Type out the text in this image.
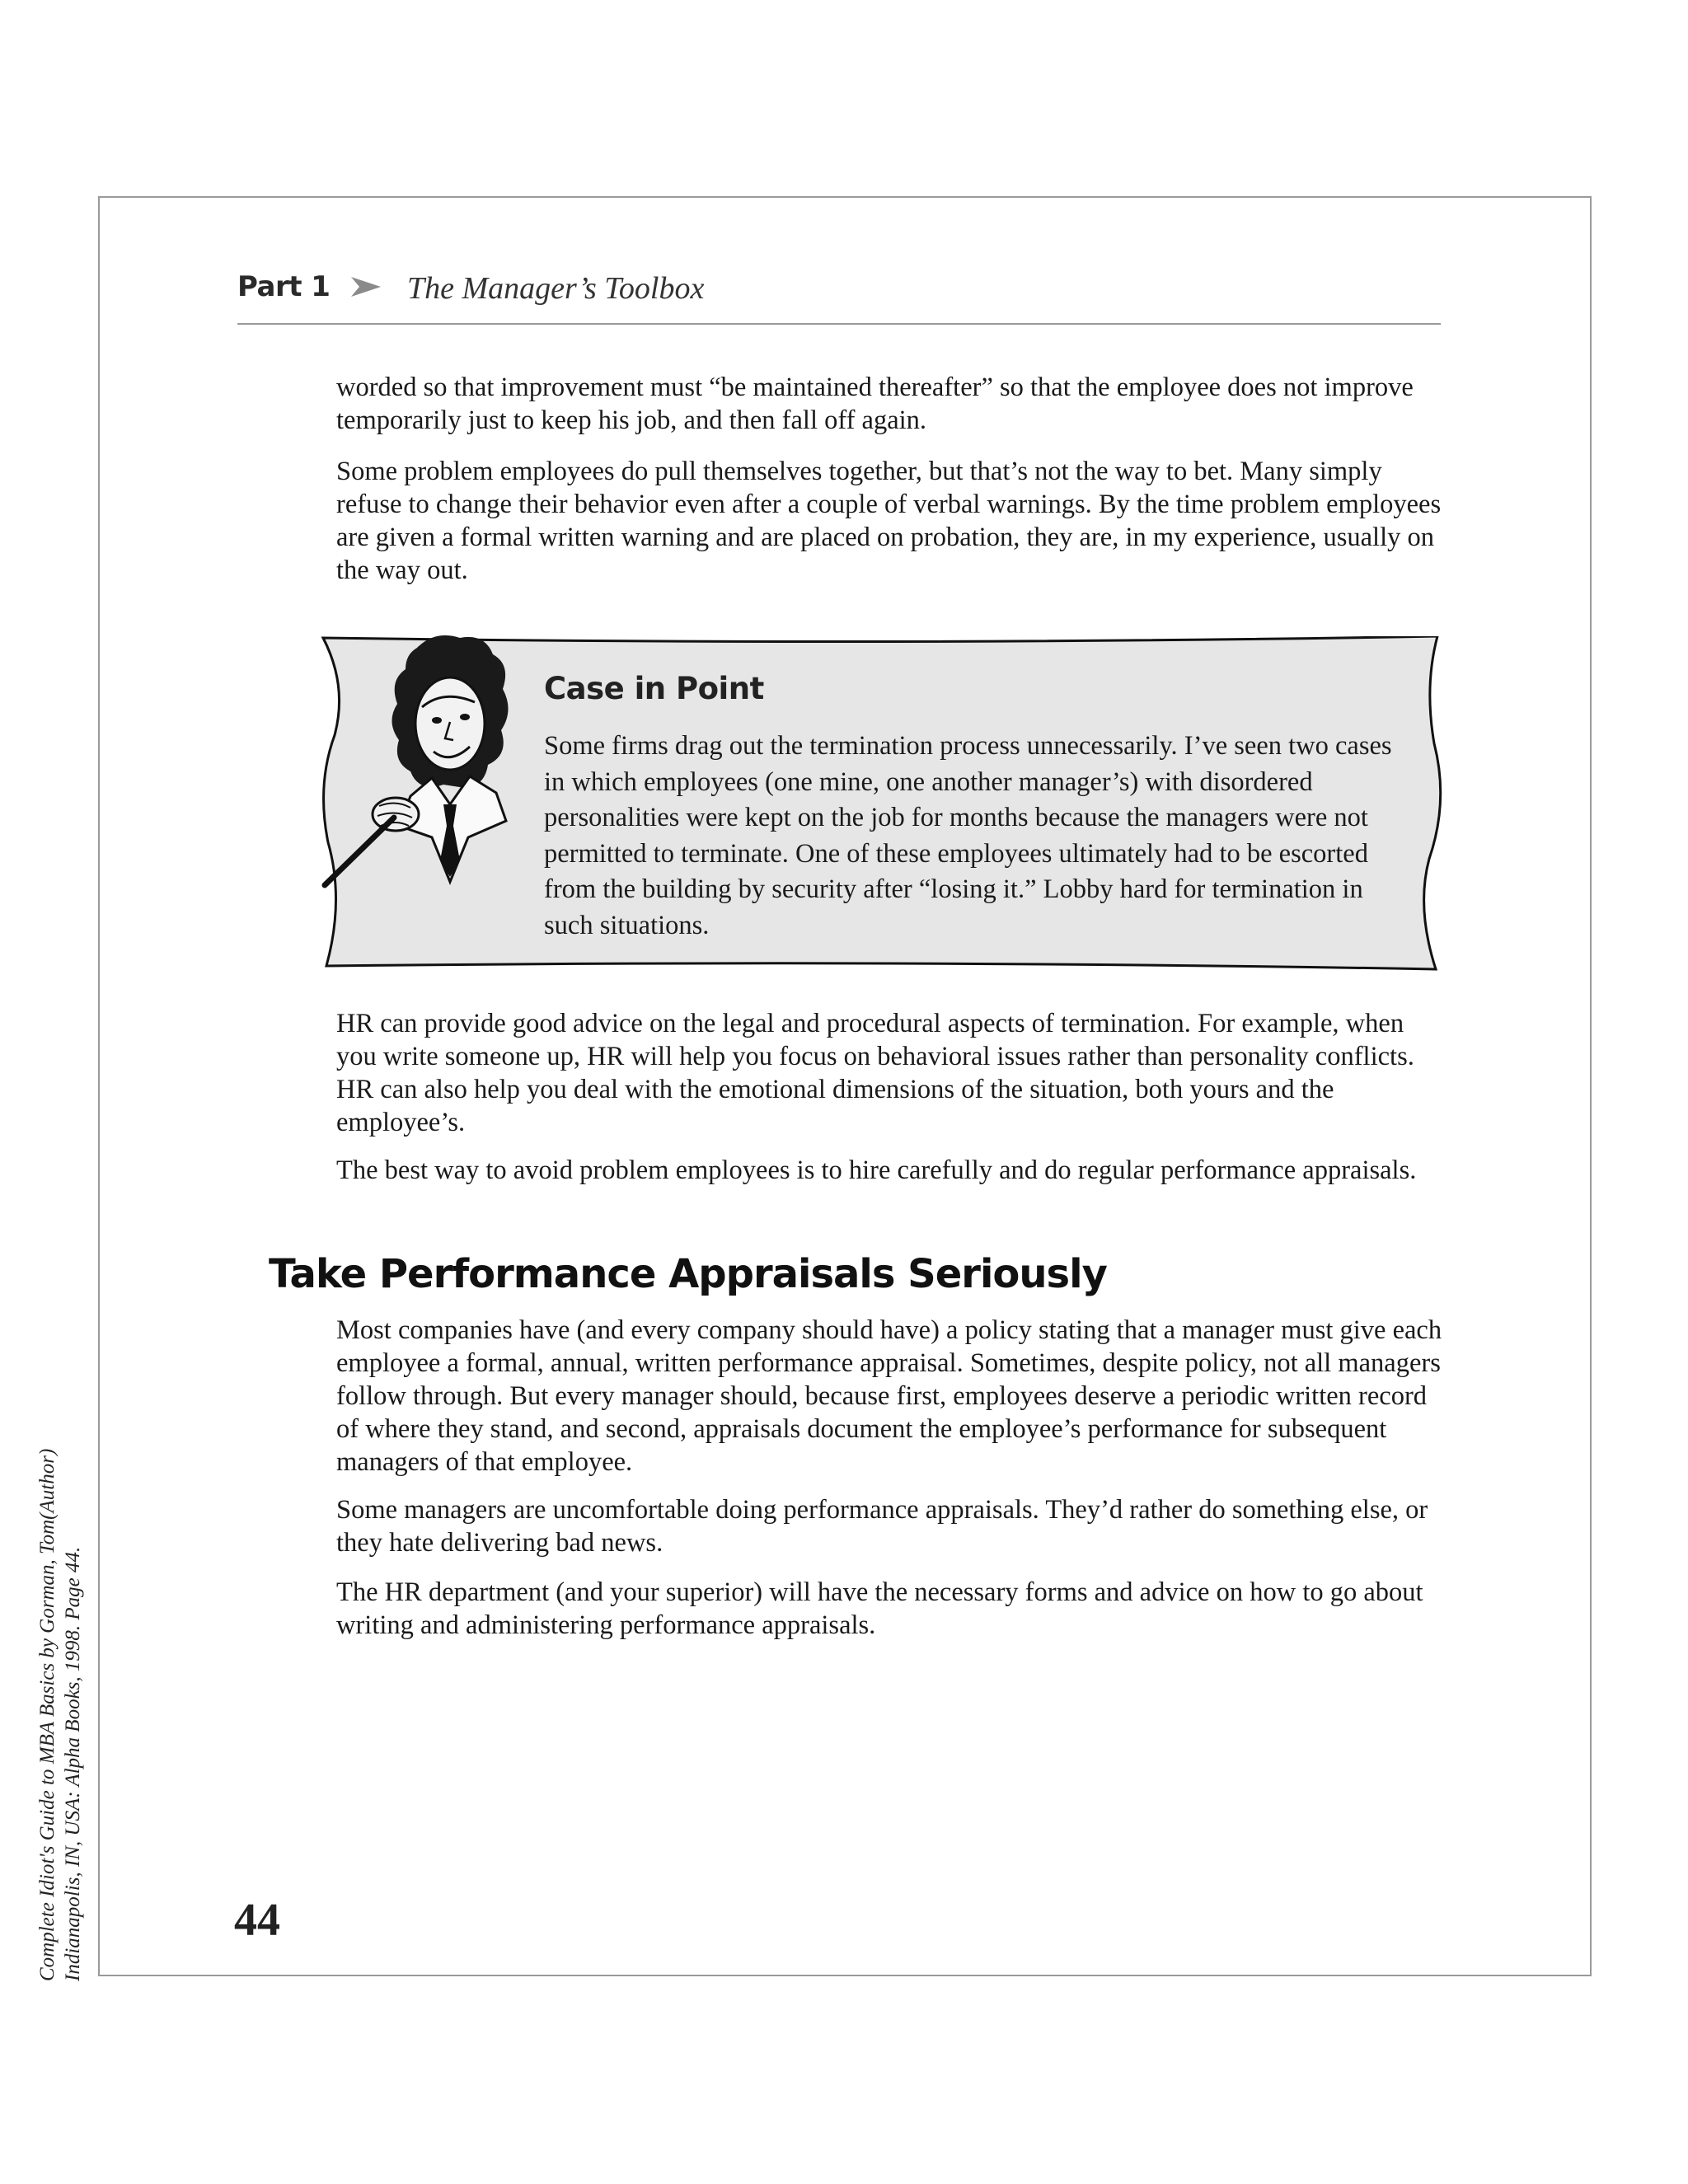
Part 1 The Manager’s Toolbox

worded so that improvement must “be maintained thereafter” so that the employee does not improve temporarily just to keep his job, and then fall off again.

Some problem employees do pull themselves together, but that’s not the way to bet. Many simply refuse to change their behavior even after a couple of verbal warnings. By the time problem employees are given a formal written warning and are placed on probation, they are, in my experience, usually on the way out.

Case in Point

Some firms drag out the termination process unnecessarily. I’ve seen two cases in which employees (one mine, one another manager’s) with disordered personalities were kept on the job for months because the managers were not permitted to terminate. One of these employees ultimately had to be escorted from the building by security after “losing it.” Lobby hard for termination in such situations.

HR can provide good advice on the legal and procedural aspects of termination. For example, when you write someone up, HR will help you focus on behavioral issues rather than personality conflicts. HR can also help you deal with the emotional dimensions of the situation, both yours and the employee’s.

The best way to avoid problem employees is to hire carefully and do regular performance appraisals.

Take Performance Appraisals Seriously

Most companies have (and every company should have) a policy stating that a manager must give each employee a formal, annual, written performance appraisal. Sometimes, despite policy, not all managers follow through. But every manager should, because first, employees deserve a periodic written record of where they stand, and second, appraisals document the employee’s performance for subsequent managers of that employee.

Some managers are uncomfortable doing performance appraisals. They’d rather do something else, or they hate delivering bad news.

The HR department (and your superior) will have the necessary forms and advice on how to go about writing and administering performance appraisals.

44
Complete Idiot's Guide to MBA Basics by Gorman, Tom(Author) Indianapolis, IN, USA: Alpha Books, 1998. Page 44.
